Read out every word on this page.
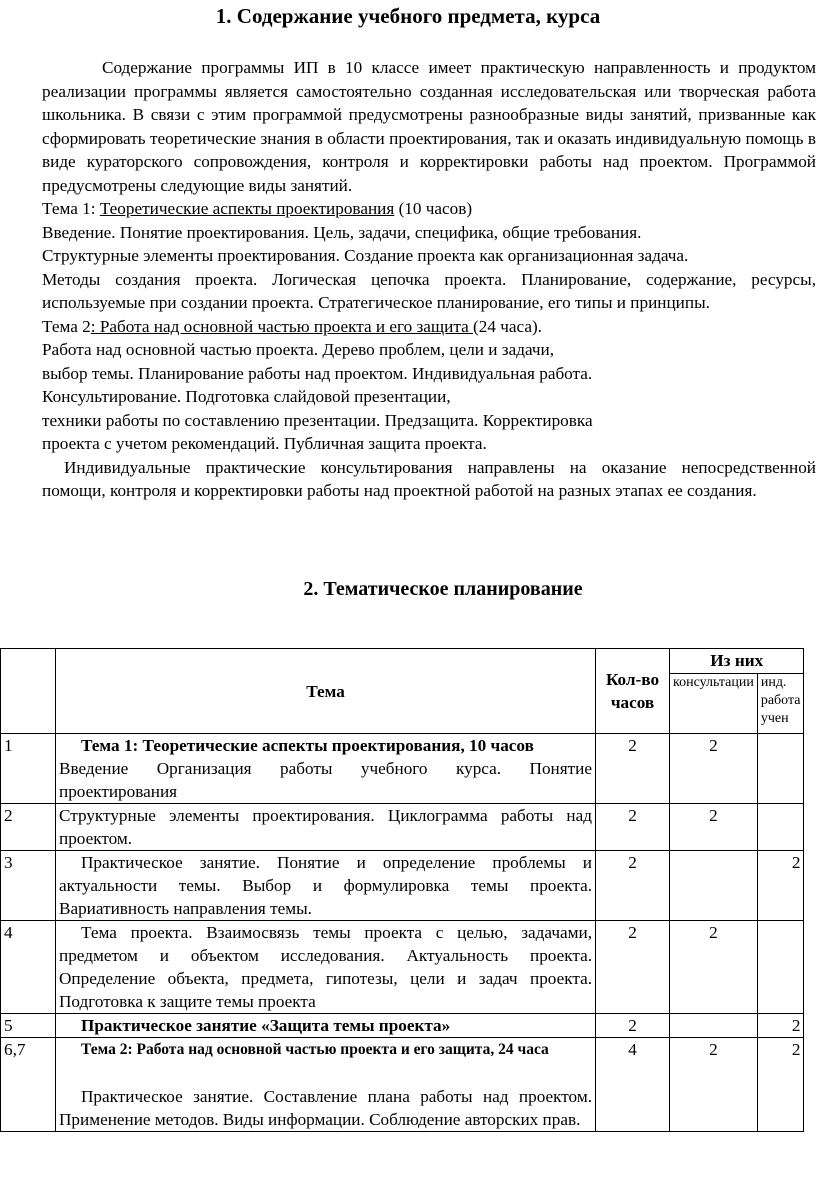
1. Содержание учебного предмета, курса

Содержание программы ИП в 10 классе имеет практическую направленность и продуктом реализации программы является самостоятельно созданная исследовательская или творческая работа школьника. В связи с этим программой предусмотрены разнообразные виды занятий, призванные как сформировать теоретические знания в области проектирования, так и оказать индивидуальную помощь в виде кураторского сопровождения, контроля и корректировки работы над проектом. Программой предусмотрены следующие виды занятий.

Тема 1: Теоретические аспекты проектирования (10 часов)

Введение. Понятие проектирования. Цель, задачи, специфика, общие требования.

Структурные элементы проектирования. Создание проекта как организационная задача.

Методы создания проекта. Логическая цепочка проекта. Планирование, содержание, ресурсы, используемые при создании проекта. Стратегическое планирование, его типы и принципы.

Тема 2: Работа над основной частью проекта и его защита (24 часа).

Работа над основной частью проекта. Дерево проблем, цели и задачи,

выбор темы. Планирование работы над проектом. Индивидуальная работа.

Консультирование. Подготовка слайдовой презентации,

техники работы по составлению презентации. Предзащита. Корректировка

проекта с учетом рекомендаций. Публичная защита проекта.

Индивидуальные практические консультирования направлены на оказание непосредственной помощи, контроля и корректировки работы над проектной работой на разных этапах ее создания.

2. Тематическое планирование
	Тема	Кол-во часов	Из них	
			консультации	инд. работа учен
1	Тема 1: Теоретические аспекты проектирования, 10 часов
Введение Организация работы учебного курса. Понятие проектирования	2	2	
2	Структурные элементы проектирования. Циклограмма работы над проектом.	2	2	
3	Практическое занятие. Понятие и определение проблемы и актуальности темы. Выбор и формулировка темы проекта. Вариативность направления темы.	2		2
4	Тема проекта. Взаимосвязь темы проекта с целью, задачами, предметом и объектом исследования. Актуальность проекта. Определение объекта, предмета, гипотезы, цели и задач проекта. Подготовка к защите темы проекта	2	2	
5	Практическое занятие «Защита темы проекта»	2		2
6,7	Тема 2: Работа над основной частью проекта и его защита, 24 часа
Практическое занятие. Составление плана работы над проектом. Применение методов. Виды информации. Соблюдение авторских прав.	4	2	2
